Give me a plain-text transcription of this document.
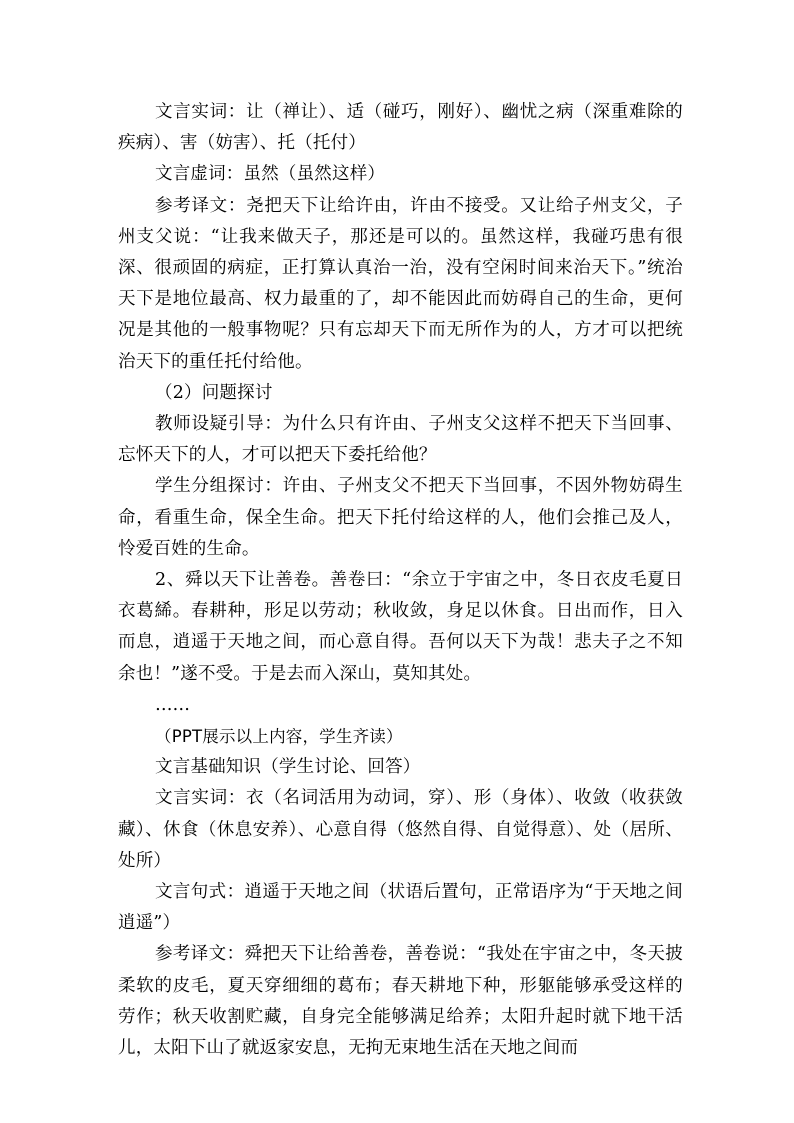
文言实词：让（禅让）、适（碰巧，刚好）、幽忧之病（深重难除的疾病）、害（妨害）、托（托付）

文言虚词：虽然（虽然这样）

参考译文：尧把天下让给许由，许由不接受。又让给子州支父，子州支父说：“让我来做天子，那还是可以的。虽然这样，我碰巧患有很深、很顽固的病症，正打算认真治一治，没有空闲时间来治天下。”统治天下是地位最高、权力最重的了，却不能因此而妨碍自己的生命，更何况是其他的一般事物呢？只有忘却天下而无所作为的人，方才可以把统治天下的重任托付给他。

（2）问题探讨

教师设疑引导：为什么只有许由、子州支父这样不把天下当回事、忘怀天下的人，才可以把天下委托给他？

学生分组探讨：许由、子州支父不把天下当回事，不因外物妨碍生命，看重生命，保全生命。把天下托付给这样的人，他们会推己及人，怜爱百姓的生命。

2、舜以天下让善卷。善卷曰：“余立于宇宙之中，冬日衣皮毛夏日衣葛絺。春耕种，形足以劳动；秋收敛，身足以休食。日出而作，日入而息，逍遥于天地之间，而心意自得。吾何以天下为哉！悲夫子之不知余也！”遂不受。于是去而入深山，莫知其处。

……

（PPT展示以上内容，学生齐读）

文言基础知识（学生讨论、回答）

文言实词：衣（名词活用为动词，穿）、形（身体）、收敛（收获敛藏）、休食（休息安养）、心意自得（悠然自得、自觉得意）、处（居所、处所）

文言句式：逍遥于天地之间（状语后置句，正常语序为“于天地之间逍遥”）

参考译文：舜把天下让给善卷，善卷说：“我处在宇宙之中，冬天披柔软的皮毛，夏天穿细细的葛布；春天耕地下种，形躯能够承受这样的劳作；秋天收割贮藏，自身完全能够满足给养；太阳升起时就下地干活儿，太阳下山了就返家安息，无拘无束地生活在天地之间而
